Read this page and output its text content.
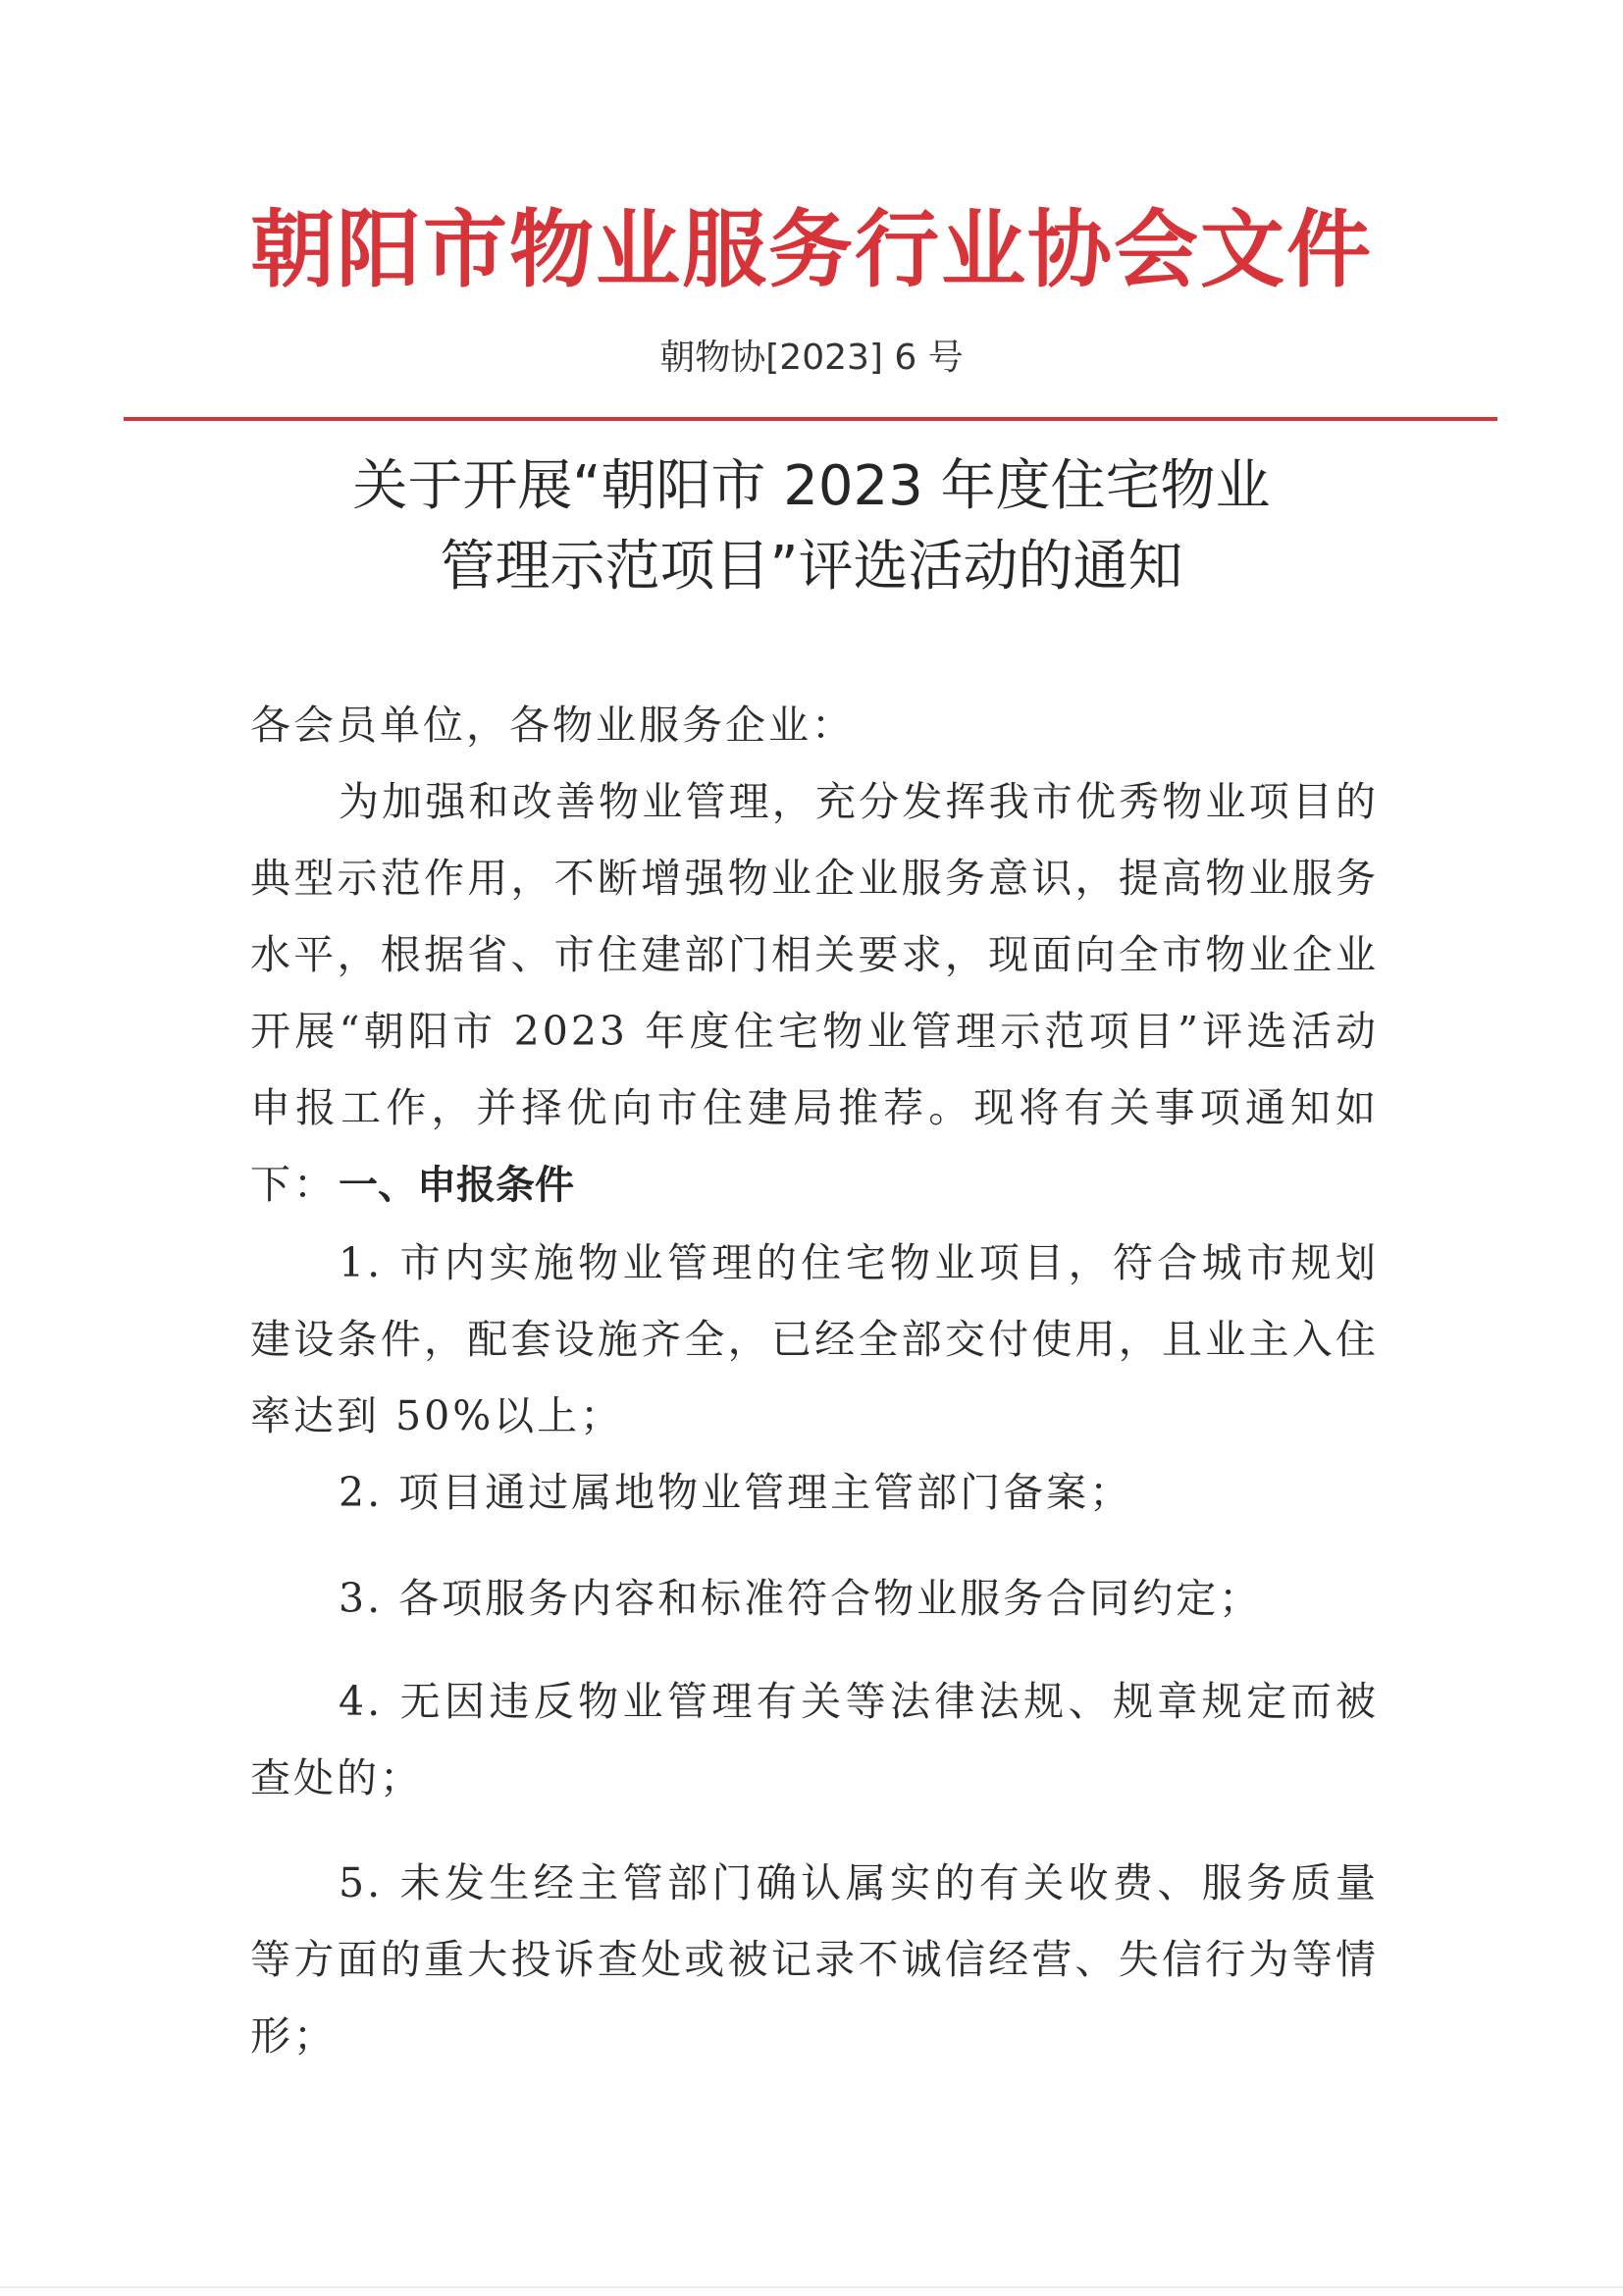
朝阳市物业服务行业协会文件
朝物协[2023] 6 号
关于开展“朝阳市 2023 年度住宅物业
管理示范项目”评选活动的通知
各会员单位，各物业服务企业：
为加强和改善物业管理，充分发挥我市优秀物业项目的典型示范作用，不断增强物业企业服务意识，提高物业服务水平，根据省、市住建部门相关要求，现面向全市物业企业开展“朝阳市 2023 年度住宅物业管理示范项目”评选活动申报工作，并择优向市住建局推荐。现将有关事项通知如下： 一、申报条件
1. 市内实施物业管理的住宅物业项目，符合城市规划建设条件，配套设施齐全，已经全部交付使用，且业主入住率达到 50%以上；
2. 项目通过属地物业管理主管部门备案；
3. 各项服务内容和标准符合物业服务合同约定；
4. 无因违反物业管理有关等法律法规、规章规定而被查处的；
5. 未发生经主管部门确认属实的有关收费、服务质量等方面的重大投诉查处或被记录不诚信经营、失信行为等情形；
